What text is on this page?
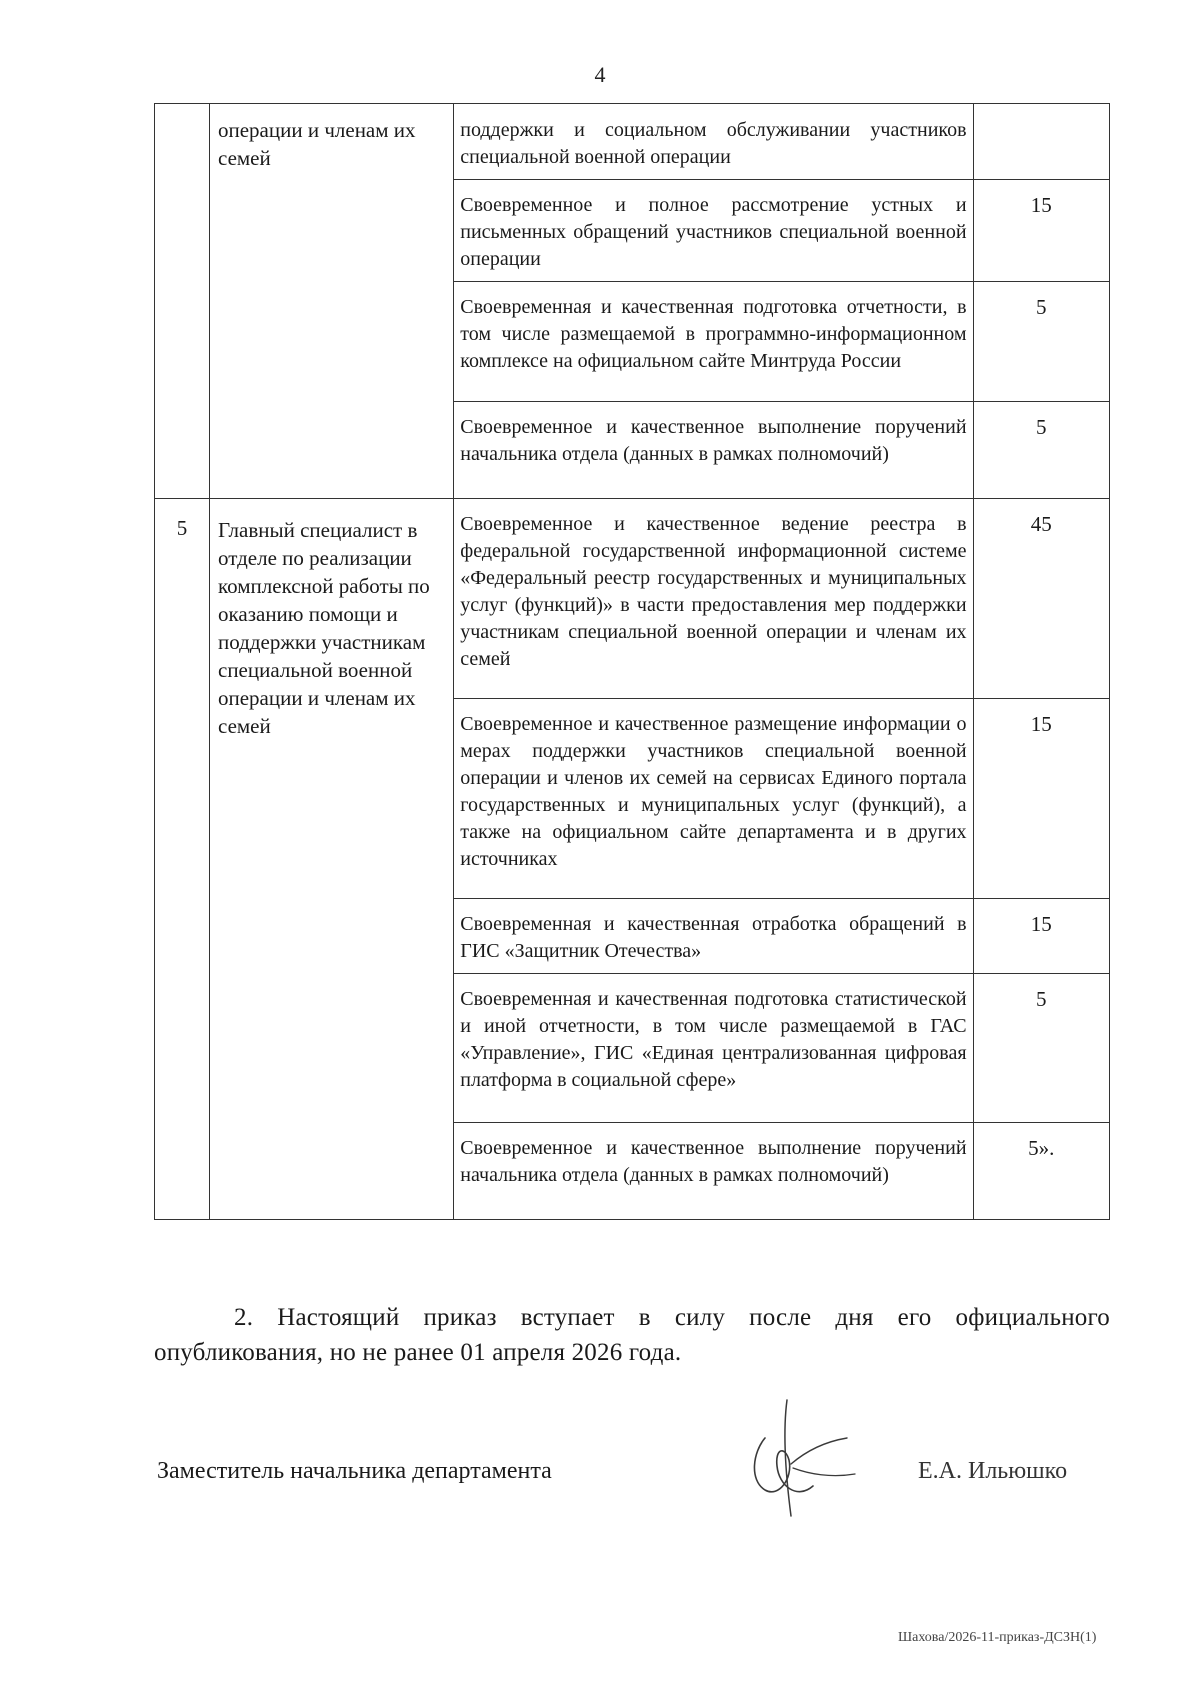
4
	операции и членам их семей	поддержки и социальном обслуживании участников специальной военной операции	
		Своевременное и полное рассмотрение устных и письменных обращений участников специальной военной операции	15
		Своевременная и качественная подготовка отчетности, в том числе размещаемой в программно-информационном комплексе на официальном сайте Минтруда России	5
		Своевременное и качественное выполнение поручений начальника отдела (данных в рамках полномочий)	5
5	Главный специалист в отделе по реализации комплексной работы по оказанию помощи и поддержки участникам специальной военной операции и членам их семей	Своевременное и качественное ведение реестра в федеральной государственной информационной системе «Федеральный реестр государственных и муниципальных услуг (функций)» в части предоставления мер поддержки участникам специальной военной операции и членам их семей	45
		Своевременное и качественное размещение информации о мерах поддержки участников специальной военной операции и членов их семей на сервисах Единого портала государственных и муниципальных услуг (функций), а также на официальном сайте департамента и в других источниках	15
		Своевременная и качественная отработка обращений в ГИС «Защитник Отечества»	15
		Своевременная и качественная подготовка статистической и иной отчетности, в том числе размещаемой в ГАС «Управление», ГИС «Единая централизованная цифровая платформа в социальной сфере»	5
		Своевременное и качественное выполнение поручений начальника отдела (данных в рамках полномочий)	5».
2. Настоящий приказ вступает в силу после дня его официального опубликования, но не ранее 01 апреля 2026 года.
Заместитель начальника департамента	Е.А. Ильюшко
Шахова/2026-11-приказ-ДСЗН(1)
